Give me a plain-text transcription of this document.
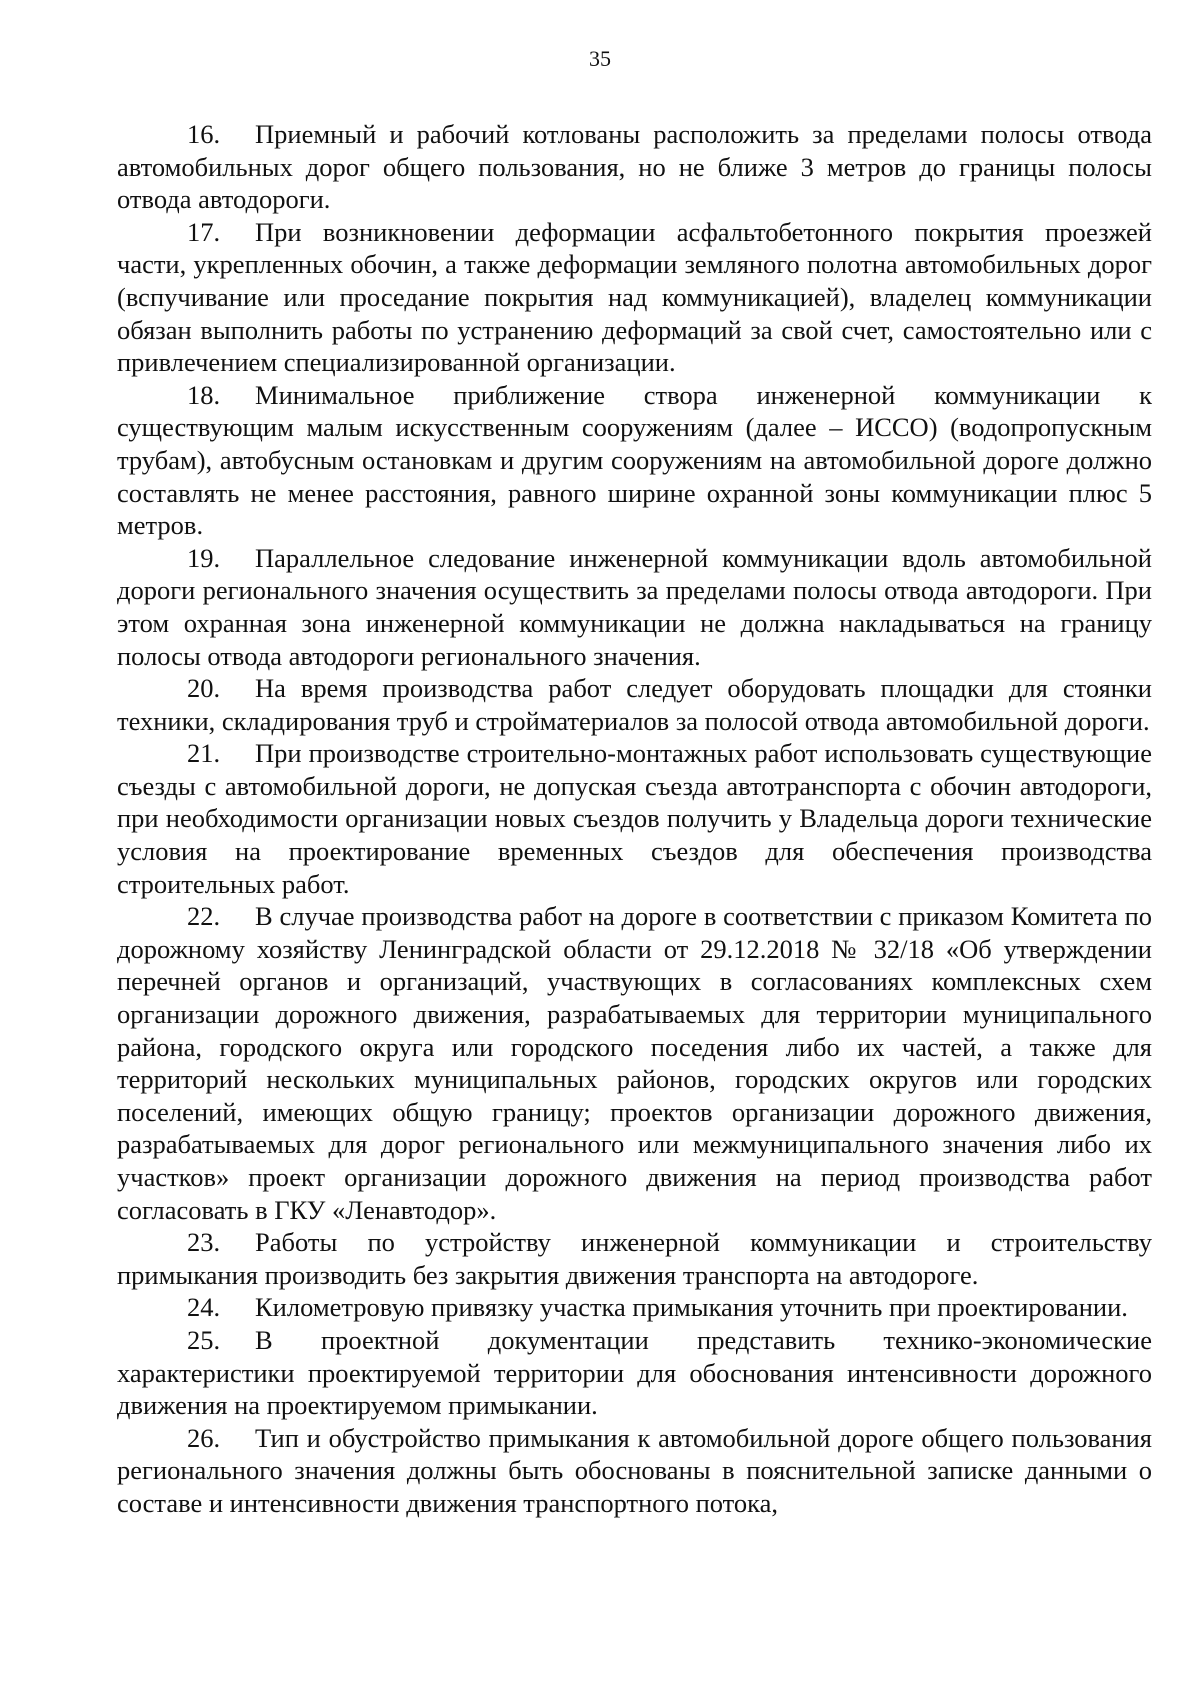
35

16. Приемный и рабочий котлованы расположить за пределами полосы отвода автомобильных дорог общего пользования, но не ближе 3 метров до границы полосы отвода автодороги.

17. При возникновении деформации асфальтобетонного покрытия проезжей части, укрепленных обочин, а также деформации земляного полотна автомобильных дорог (вспучивание или проседание покрытия над коммуникацией), владелец коммуникации обязан выполнить работы по устранению деформаций за свой счет, самостоятельно или с привлечением специализированной организации.

18. Минимальное приближение створа инженерной коммуникации к существующим малым искусственным сооружениям (далее – ИССО) (водопропускным трубам), автобусным остановкам и другим сооружениям на автомобильной дороге должно составлять не менее расстояния, равного ширине охранной зоны коммуникации плюс 5 метров.

19. Параллельное следование инженерной коммуникации вдоль автомобильной дороги регионального значения осуществить за пределами полосы отвода автодороги. При этом охранная зона инженерной коммуникации не должна накладываться на границу полосы отвода автодороги регионального значения.

20. На время производства работ следует оборудовать площадки для стоянки техники, складирования труб и стройматериалов за полосой отвода автомобильной дороги.

21. При производстве строительно-монтажных работ использовать существующие съезды с автомобильной дороги, не допуская съезда автотранспорта с обочин автодороги, при необходимости организации новых съездов получить у Владельца дороги технические условия на проектирование временных съездов для обеспечения производства строительных работ.

22. В случае производства работ на дороге в соответствии с приказом Комитета по дорожному хозяйству Ленинградской области от 29.12.2018 № 32/18 «Об утверждении перечней органов и организаций, участвующих в согласованиях комплексных схем организации дорожного движения, разрабатываемых для территории муниципального района, городского округа или городского поседения либо их частей, а также для территорий нескольких муниципальных районов, городских округов или городских поселений, имеющих общую границу; проектов организации дорожного движения, разрабатываемых для дорог регионального или межмуниципального значения либо их участков» проект организации дорожного движения на период производства работ согласовать в ГКУ «Ленавтодор».

23. Работы по устройству инженерной коммуникации и строительству примыкания производить без закрытия движения транспорта на автодороге.

24. Километровую привязку участка примыкания уточнить при проектировании.

25. В проектной документации представить технико-экономические характеристики проектируемой территории для обоснования интенсивности дорожного движения на проектируемом примыкании.

26. Тип и обустройство примыкания к автомобильной дороге общего пользования регионального значения должны быть обоснованы в пояснительной записке данными о составе и интенсивности движения транспортного потока,
